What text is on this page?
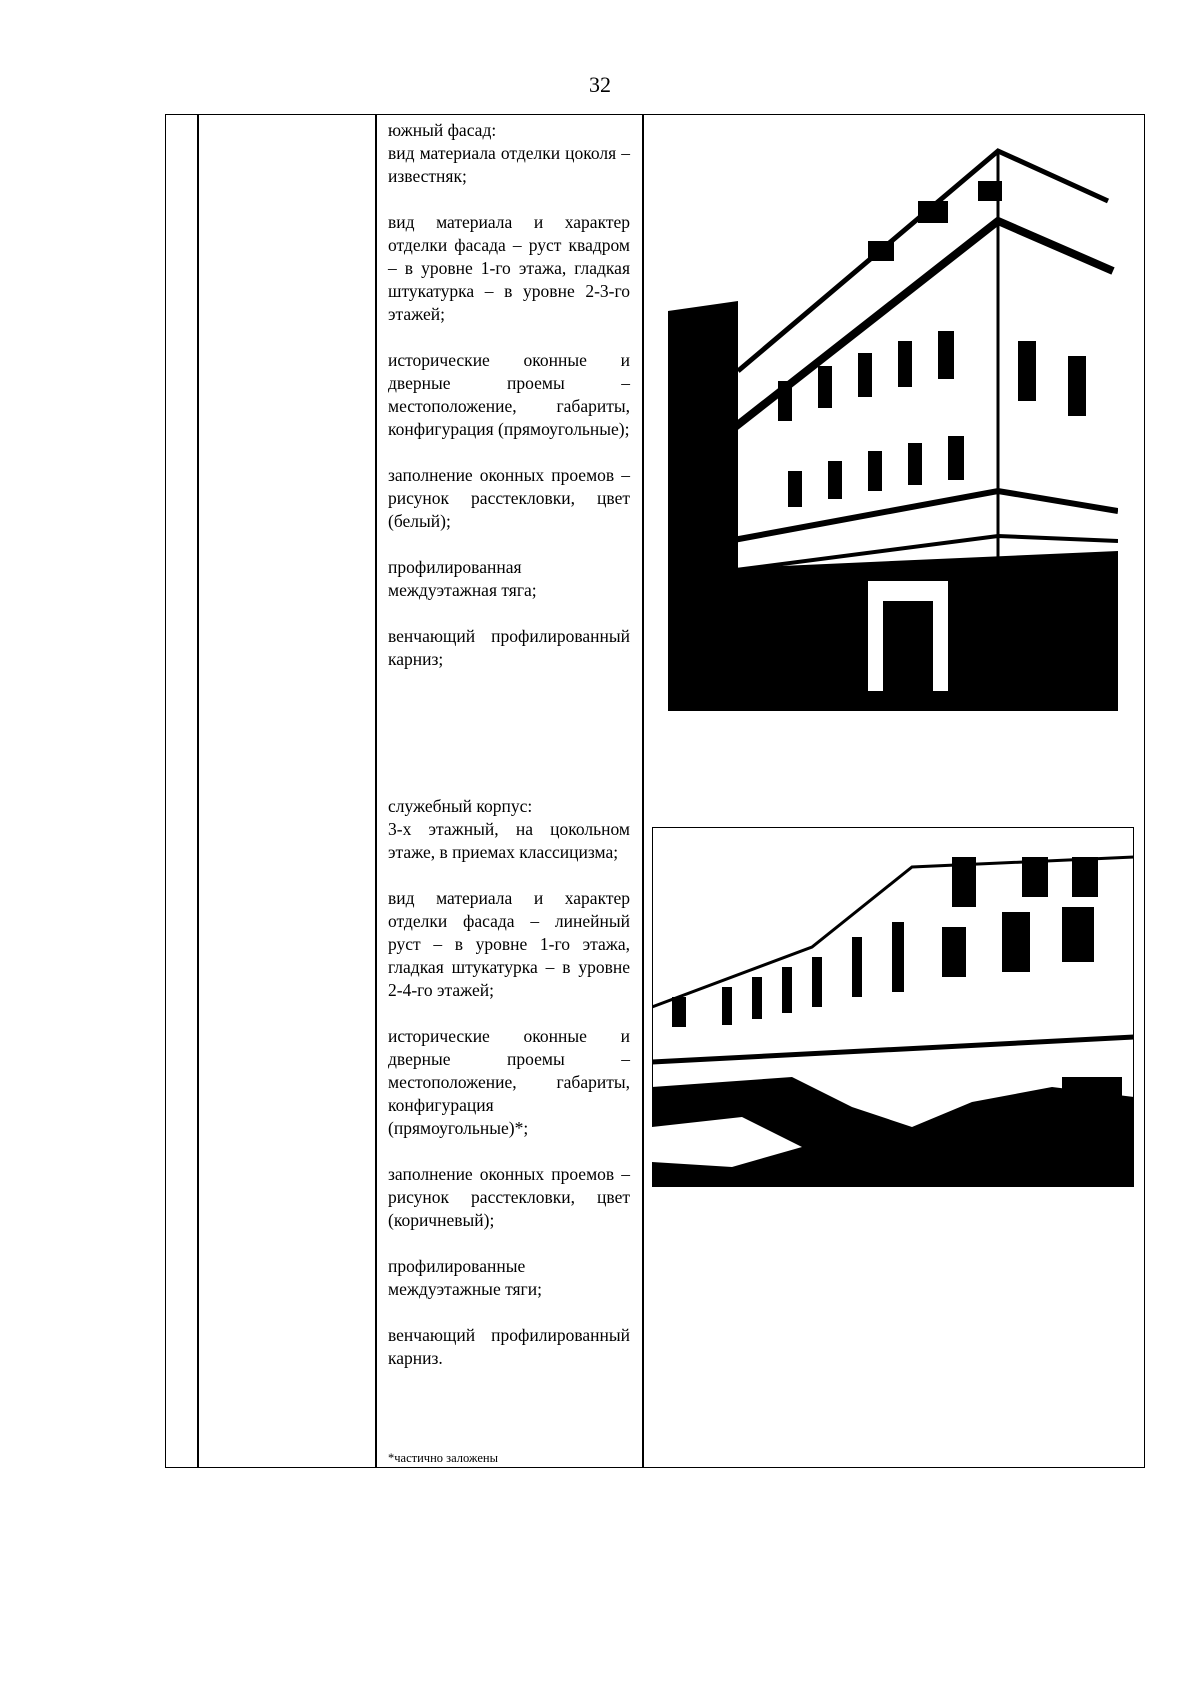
32

южный фасад:

вид материала отделки цоколя – известняк;

вид материала и характер отделки фасада – руст квадром – в уровне 1-го этажа, гладкая штукатурка – в уровне 2-3-го этажей;

исторические оконные и дверные проемы – местоположение, габариты, конфигурация (прямоугольные);

заполнение оконных проемов – рисунок расстекловки, цвет (белый);

профилированная междуэтажная тяга;

венчающий профилированный карниз;

служебный корпус:

3-х этажный, на цокольном этаже, в приемах классицизма;

вид материала и характер отделки фасада – линейный руст – в уровне 1-го этажа, гладкая штукатурка – в уровне 2-4-го этажей;

исторические оконные и дверные проемы – местоположение, габариты, конфигурация (прямоугольные)*;

заполнение оконных проемов – рисунок расстекловки, цвет (коричневый);

профилированные междуэтажные тяги;

венчающий профилированный карниз.

*частично заложены
